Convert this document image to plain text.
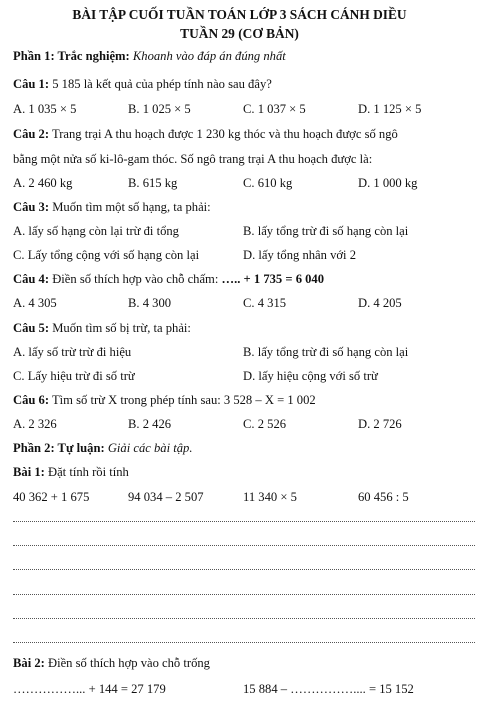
BÀI TẬP CUỐI TUẦN TOÁN LỚP 3 SÁCH CÁNH DIỀU
TUẦN 29 (CƠ BẢN)
Phần 1: Trắc nghiệm: Khoanh vào đáp án đúng nhất
Câu 1: 5 185 là kết quả của phép tính nào sau đây?
A. 1 035 × 5	B. 1 025 × 5	C. 1 037 × 5	D. 1 125 × 5
Câu 2: Trang trại A thu hoạch được 1 230 kg thóc và thu hoạch được số ngô
bằng một nửa số ki-lô-gam thóc. Số ngô trang trại A thu hoạch được là:
A. 2 460 kg	B. 615 kg	C. 610 kg	D. 1 000 kg
Câu 3: Muốn tìm một số hạng, ta phải:
A. lấy số hạng còn lại trừ đi tổng	B. lấy tổng trừ đi số hạng còn lại
C. Lấy tổng cộng với số hạng còn lại	D. lấy tổng nhân với 2
Câu 4: Điền số thích hợp vào chỗ chấm: ….. + 1 735 = 6 040
A. 4 305	B. 4 300	C. 4 315	D. 4 205
Câu 5: Muốn tìm số bị trừ, ta phải:
A. lấy số trừ trừ đi hiệu	B. lấy tổng trừ đi số hạng còn lại
C. Lấy hiệu trừ đi số trừ	D. lấy hiệu cộng với số trừ
Câu 6: Tìm số trừ X trong phép tính sau: 3 528 – X = 1 002
A. 2 326	B. 2 426	C. 2 526	D. 2 726
Phần 2: Tự luận: Giải các bài tập.
Bài 1: Đặt tính rồi tính
40 362 + 1 675	94 034 – 2 507	11 340 × 5	60 456 : 5
Bài 2: Điền số thích hợp vào chỗ trống
……………... + 144 = 27 179	15 884 – …………….... = 15 152
